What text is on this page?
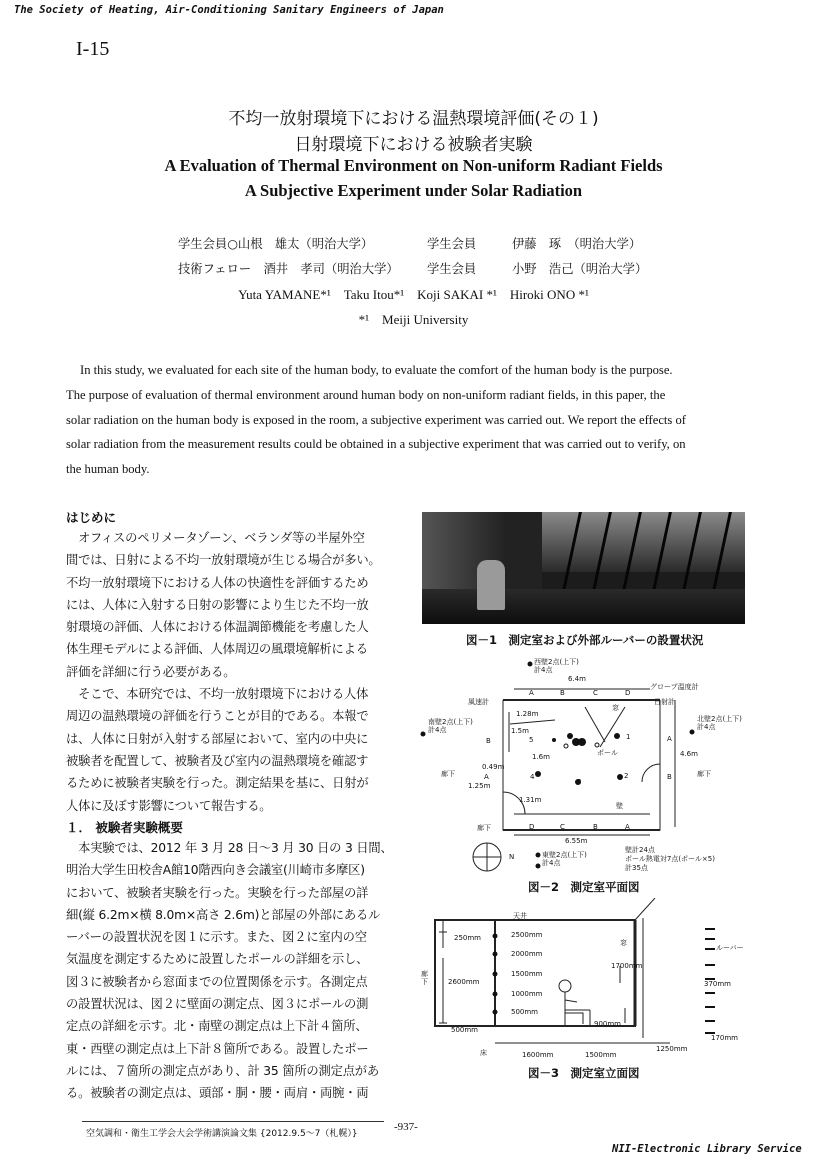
The Society of Heating, Air-Conditioning Sanitary Engineers of Japan
I-15
不均一放射環境下における温熱環境評価(その１)
日射環境下における被験者実験
A Evaluation of Thermal Environment on Non-uniform Radiant Fields
A Subjective Experiment under Solar Radiation
学生会員○山根　雄太（明治大学）	学生会員	伊藤　琢　（明治大学）
技術フェロー　酒井　孝司（明治大学） 学生会員	小野　浩己（明治大学）
Yuta YAMANE*¹　Taku Itou*¹　Koji SAKAI *¹　Hiroki ONO *¹
*¹　Meiji University
In this study, we evaluated for each site of the human body, to evaluate the comfort of the human body is the purpose.
The purpose of evaluation of thermal environment around human body on non-uniform radiant fields, in this paper, the
solar radiation on the human body is exposed in the room, a subjective experiment was carried out. We report the effects of
solar radiation from the measurement results could be obtained in a subjective experiment that was carried out to verify, on
the human body.
はじめに

　オフィスのペリメータゾーン、ベランダ等の半屋外空

間では、日射による不均一放射環境が生じる場合が多い。

不均一放射環境下における人体の快適性を評価するため

には、人体に入射する日射の影響により生じた不均一放

射環境の評価、人体における体温調節機能を考慮した人

体生理モデルによる評価、人体周辺の風環境解析による

評価を詳細に行う必要がある。

　そこで、本研究では、不均一放射環境下における人体

周辺の温熱環境の評価を行うことが目的である。本報で

は、人体に日射が入射する部屋において、室内の中央に

被験者を配置して、被験者及び室内の温熱環境を確認す

るために被験者実験を行った。測定結果を基に、日射が

人体に及ぼす影響について報告する。

１． 被験者実験概要

　本実験では、2012 年 3 月 28 日～3 月 30 日の 3 日間、

明治大学生田校舎A館10階西向き会議室(川崎市多摩区)

において、被験者実験を行った。実験を行った部屋の詳

細(縦 6.2m×横 8.0m×高さ 2.6m)と部屋の外部にあるル

ーバーの設置状況を図１に示す。また、図２に室内の空

気温度を測定するために設置したポールの詳細を示し、

図３に被験者から窓面までの位置関係を示す。各測定点

の設置状況は、図２に壁面の測定点、図３にポールの測

定点の詳細を示す。北・南壁の測定点は上下計４箇所、

東・西壁の測定点は上下計８箇所である。設置したポー

ルには、７箇所の測定点があり、計 35 箇所の測定点があ

る。被験者の測定点は、頭部・胴・腰・両肩・両腕・両

図－1　測定室および外部ルーバーの設置状況
西壁2点(上下)
計4点
6.4m
グローブ温度計
風速計	日射計
窓
A	B	C	D
南壁2点(上下)
計4点
北壁2点(上下)
計4点
1.28m
1.5m
B	A
5	1
ポール
1.6m	4.6m
0.49m
A	B
4
3
2
廊下	廊下
1.25m
1.31m
壁
廊下	D	C	B	A
6.55m
N	東壁2点(上下)
計4点
壁計24点
ポール熱電対7点(ポール×5)
計35点
図－2　測定室平面図
天井
窓
ルーバー
廊下
250mm
2600mm
500mm
2500mm
2000mm
1500mm
1000mm
500mm
1700mm
900mm
370mm
170mm
床	1600mm	1500mm
1250mm
図－3　測定室立面図
空気調和・衛生工学会大会学術講演論文集 {2012.9.5～7（札幌）}
-937-
NII-Electronic Library Service
